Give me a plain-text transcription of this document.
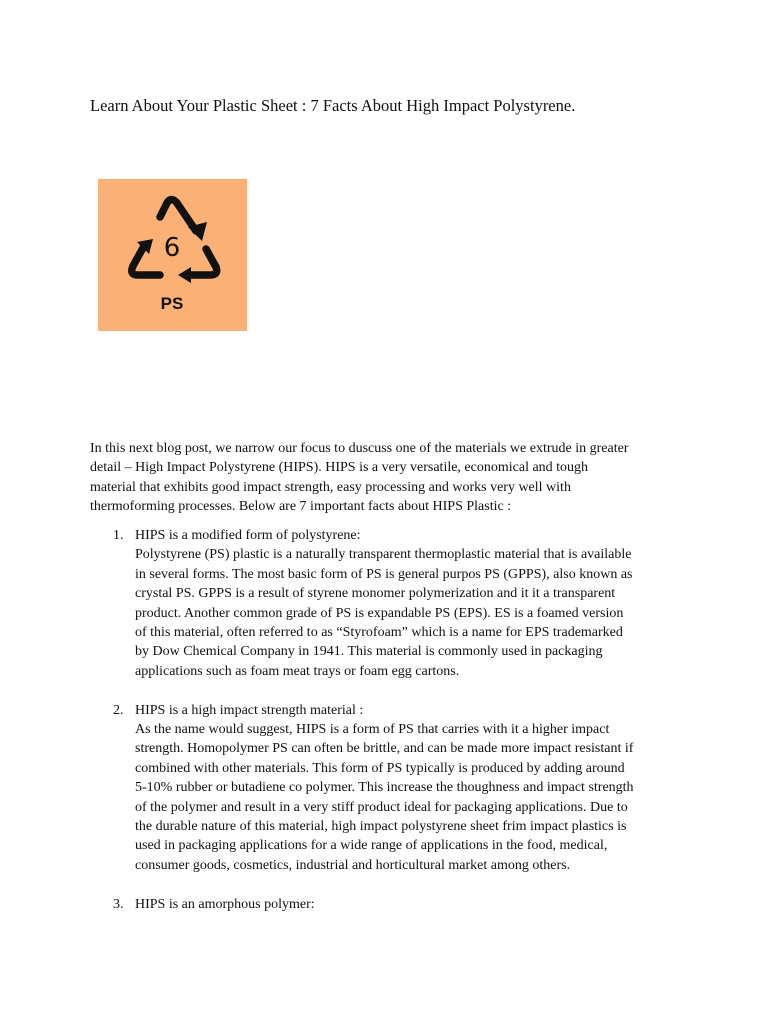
Learn About Your Plastic Sheet : 7 Facts About High Impact Polystyrene.
6
PS

In this next blog post, we narrow our focus to duscuss one of the materials we extrude in greater
detail – High Impact Polystyrene (HIPS). HIPS is a very versatile, economical and tough
material that exhibits good impact strength, easy processing and works very well with
thermoforming processes. Below are 7 important facts about HIPS Plastic :

1. HIPS is a modified form of polystyrene:
Polystyrene (PS) plastic is a naturally transparent thermoplastic material that is available
in several forms. The most basic form of PS is general purpos PS (GPPS), also known as
crystal PS. GPPS is a result of styrene monomer polymerization and it it a transparent
product. Another common grade of PS is expandable PS (EPS). ES is a foamed version
of this material, often referred to as “Styrofoam” which is a name for EPS trademarked
by Dow Chemical Company in 1941. This material is commonly used in packaging
applications such as foam meat trays or foam egg cartons.
2. HIPS is a high impact strength material :
As the name would suggest, HIPS is a form of PS that carries with it a higher impact
strength. Homopolymer PS can often be brittle, and can be made more impact resistant if
combined with other materials. This form of PS typically is produced by adding around
5-10% rubber or butadiene co polymer. This increase the thoughness and impact strength
of the polymer and result in a very stiff product ideal for packaging applications. Due to
the durable nature of this material, high impact polystyrene sheet frim impact plastics is
used in packaging applications for a wide range of applications in the food, medical,
consumer goods, cosmetics, industrial and horticultural market among others.
3. HIPS is an amorphous polymer:
